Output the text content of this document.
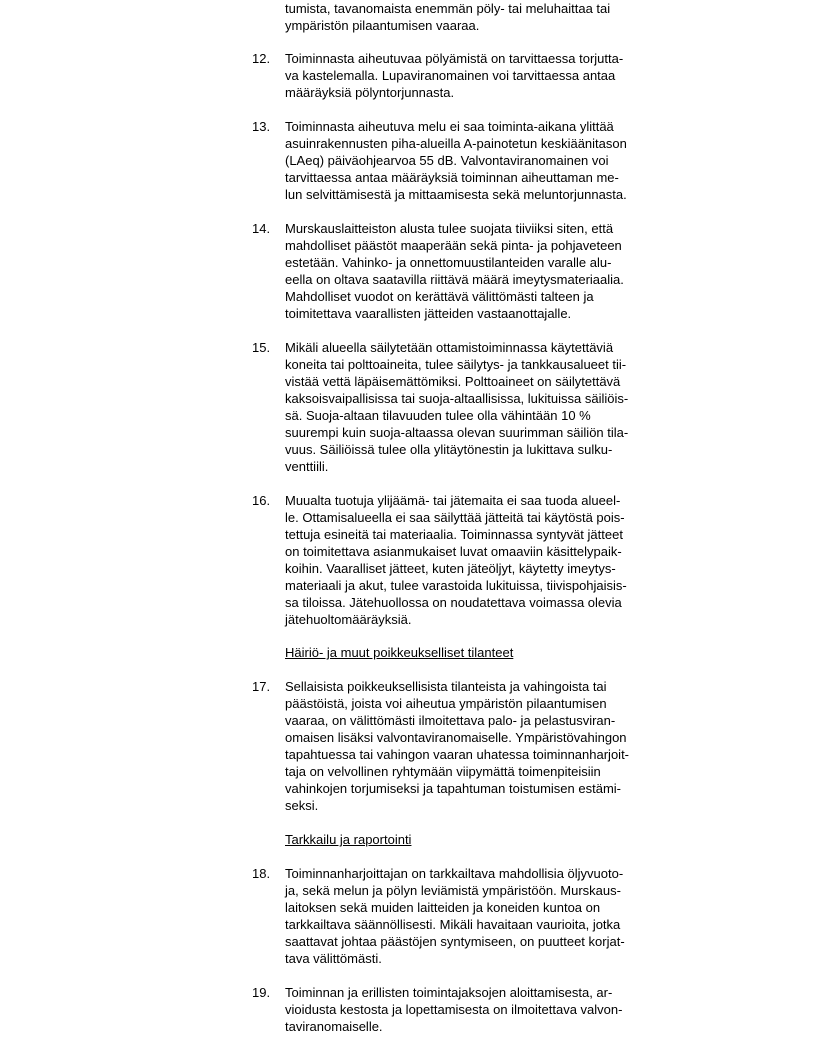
tumista, tavanomaista enemmän pöly- tai meluhaittaa tai
ympäristön pilaantumisen vaaraa.
12.	Toiminnasta aiheutuvaa pölyämistä on tarvittaessa torjutta-
va kastelemalla. Lupaviranomainen voi tarvittaessa antaa
määräyksiä pölyntorjunnasta.
13.	Toiminnasta aiheutuva melu ei saa toiminta-aikana ylittää
asuinrakennusten piha-alueilla A-painotetun keskiäänitason
(LAeq) päiväohjearvoa 55 dB. Valvontaviranomainen voi
tarvittaessa antaa määräyksiä toiminnan aiheuttaman me-
lun selvittämisestä ja mittaamisesta sekä meluntorjunnasta.
14.	Murskauslaitteiston alusta tulee suojata tiiviiksi siten, että
mahdolliset päästöt maaperään sekä pinta- ja pohjaveteen
estetään. Vahinko- ja onnettomuustilanteiden varalle alu-
eella on oltava saatavilla riittävä määrä imeytysmateriaalia.
Mahdolliset vuodot on kerättävä välittömästi talteen ja
toimitettava vaarallisten jätteiden vastaanottajalle.
15.	Mikäli alueella säilytetään ottamistoiminnassa käytettäviä
koneita tai polttoaineita, tulee säilytys- ja tankkausalueet tii-
vistää vettä läpäisemättömiksi. Polttoaineet on säilytettävä
kaksoisvaipallisissa tai suoja-altaallisissa, lukituissa säiliöis-
sä. Suoja-altaan tilavuuden tulee olla vähintään 10 %
suurempi kuin suoja-altaassa olevan suurimman säiliön tila-
vuus. Säiliöissä tulee olla ylitäytönestin ja lukittava sulku-
venttiili.
16.	Muualta tuotuja ylijäämä- tai jätemaita ei saa tuoda alueel-
le. Ottamisalueella ei saa säilyttää jätteitä tai käytöstä pois-
tettuja esineitä tai materiaalia. Toiminnassa syntyvät jätteet
on toimitettava asianmukaiset luvat omaaviin käsittelypaik-
koihin. Vaaralliset jätteet, kuten jäteöljyt, käytetty imeytys-
materiaali ja akut, tulee varastoida lukituissa, tiivispohjaisis-
sa tiloissa. Jätehuollossa on noudatettava voimassa olevia
jätehuoltomääräyksiä.
Häiriö- ja muut poikkeukselliset tilanteet
17.	Sellaisista poikkeuksellisista tilanteista ja vahingoista tai
päästöistä, joista voi aiheutua ympäristön pilaantumisen
vaaraa, on välittömästi ilmoitettava palo- ja pelastusviran-
omaisen lisäksi valvontaviranomaiselle. Ympäristövahingon
tapahtuessa tai vahingon vaaran uhatessa toiminnanharjoit-
taja on velvollinen ryhtymään viipymättä toimenpiteisiin
vahinkojen torjumiseksi ja tapahtuman toistumisen estämi-
seksi.
Tarkkailu ja raportointi
18.	Toiminnanharjoittajan on tarkkailtava mahdollisia öljyvuoto-
ja, sekä melun ja pölyn leviämistä ympäristöön. Murskaus-
laitoksen sekä muiden laitteiden ja koneiden kuntoa on
tarkkailtava säännöllisesti. Mikäli havaitaan vaurioita, jotka
saattavat johtaa päästöjen syntymiseen, on puutteet korjat-
tava välittömästi.
19.	Toiminnan ja erillisten toimintajaksojen aloittamisesta, ar-
vioidusta kestosta ja lopettamisesta on ilmoitettava valvon-
taviranomaiselle.
